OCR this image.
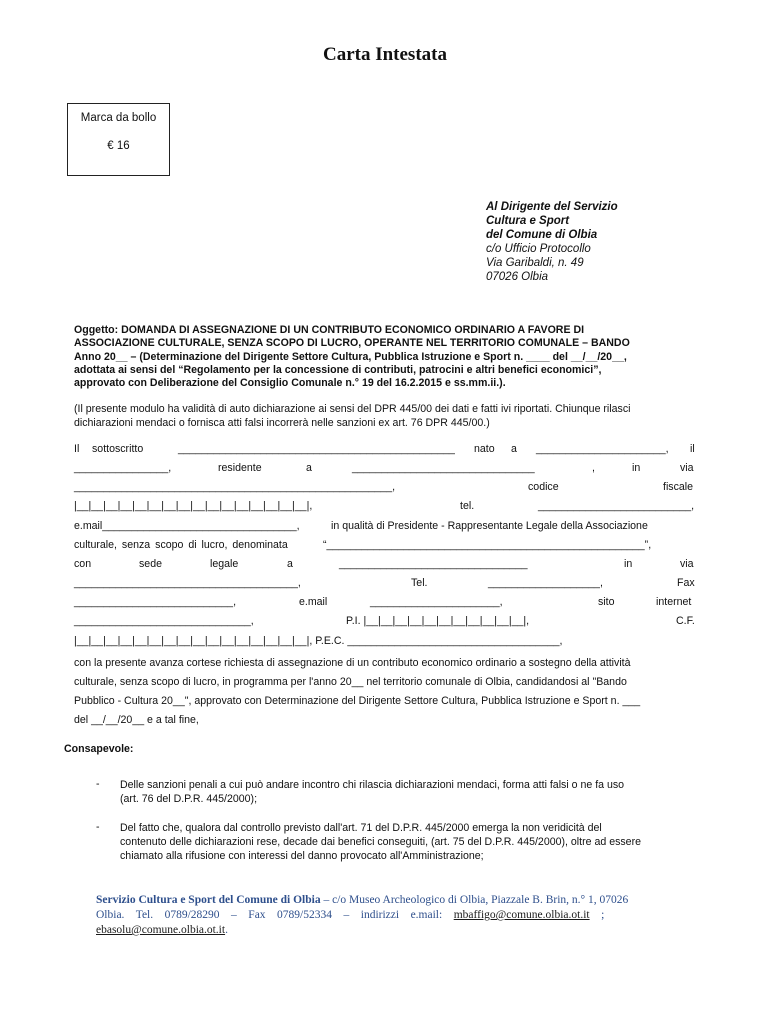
Carta Intestata
Marca da bollo
€ 16
Al Dirigente del Servizio
Cultura e Sport
del Comune di Olbia
c/o Ufficio Protocollo
Via Garibaldi, n. 49
07026 Olbia
Oggetto: DOMANDA DI ASSEGNAZIONE DI UN CONTRIBUTO ECONOMICO ORDINARIO A FAVORE DI
ASSOCIAZIONE CULTURALE, SENZA SCOPO DI LUCRO, OPERANTE NEL TERRITORIO COMUNALE – BANDO
Anno 20__ – (Determinazione del Dirigente Settore Cultura, Pubblica Istruzione e Sport n. ____ del __/__/20__,
adottata ai sensi del “Regolamento per la concessione di contributi, patrocini e altri benefici economici”,
approvato con Deliberazione del Consiglio Comunale n.° 19 del 16.2.2015 e ss.mm.ii.).
(Il presente modulo ha validità di auto dichiarazione ai sensi del DPR 445/00 dei dati e fatti ivi riportati. Chiunque rilasci
dichiarazioni mendaci o fornisca atti falsi incorrerà nelle sanzioni ex art. 76 DPR 445/00.)
Il sottoscritto	_______________________________________________ nato a ______________________, il
________________,	residente	a	_______________________________	,	in	via
______________________________________________________,	codice	fiscale
|__|__|__|__|__|__|__|__|__|__|__|__|__|__|__|__|,	tel.	__________________________,
e.mail_________________________________,	in qualità di Presidente - Rappresentante Legale della Associazione
culturale, senza scopo di lucro, denominata	“______________________________________________________”,
con	sede	legale	a	________________________________	in	via
______________________________________,	Tel.	___________________,	Fax
___________________________,	e.mail	______________________,	sito	internet
______________________________,	P.I. |__|__|__|__|__|__|__|__|__|__|__|,	C.F.
|__|__|__|__|__|__|__|__|__|__|__|__|__|__|__|__|, P.E.C. ____________________________________,
con la presente avanza cortese richiesta di assegnazione di un contributo economico ordinario a sostegno della attività
culturale, senza scopo di lucro, in programma per l'anno 20__ nel territorio comunale di Olbia, candidandosi al "Bando
Pubblico - Cultura 20__", approvato con Determinazione del Dirigente Settore Cultura, Pubblica Istruzione e Sport n. ___
del __/__/20__ e a tal fine,
Consapevole:
- Delle sanzioni penali a cui può andare incontro chi rilascia dichiarazioni mendaci, forma atti falsi o ne fa uso
(art. 76 del D.P.R. 445/2000);
- Del fatto che, qualora dal controllo previsto dall'art. 71 del D.P.R. 445/2000 emerga la non veridicità del
contenuto delle dichiarazioni rese, decade dai benefici conseguiti, (art. 75 del D.P.R. 445/2000), oltre ad essere
chiamato alla rifusione con interessi del danno provocato all'Amministrazione;
Servizio Cultura e Sport del Comune di Olbia – c/o Museo Archeologico di Olbia, Piazzale B. Brin, n.° 1, 07026
Olbia.    Tel.    0789/28290    –    Fax    0789/52334    –    indirizzi    e.mail:    mbaffigo@comune.olbia.ot.it    ;
ebasolu@comune.olbia.ot.it.
